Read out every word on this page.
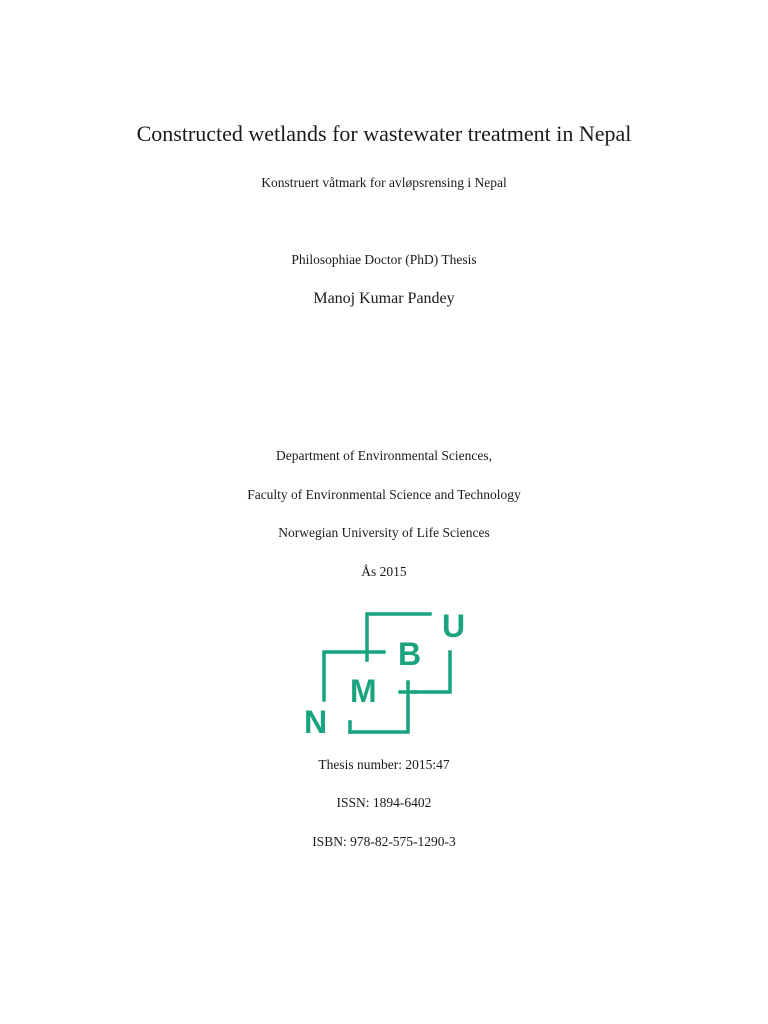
Constructed wetlands for wastewater treatment in Nepal
Konstruert våtmark for avløpsrensing i Nepal
Philosophiae Doctor (PhD) Thesis
Manoj Kumar Pandey
Department of Environmental Sciences,
Faculty of Environmental Science and Technology
Norwegian University of Life Sciences
Ås 2015
N
M
B
U
Thesis number: 2015:47
ISSN: 1894-6402
ISBN: 978-82-575-1290-3
